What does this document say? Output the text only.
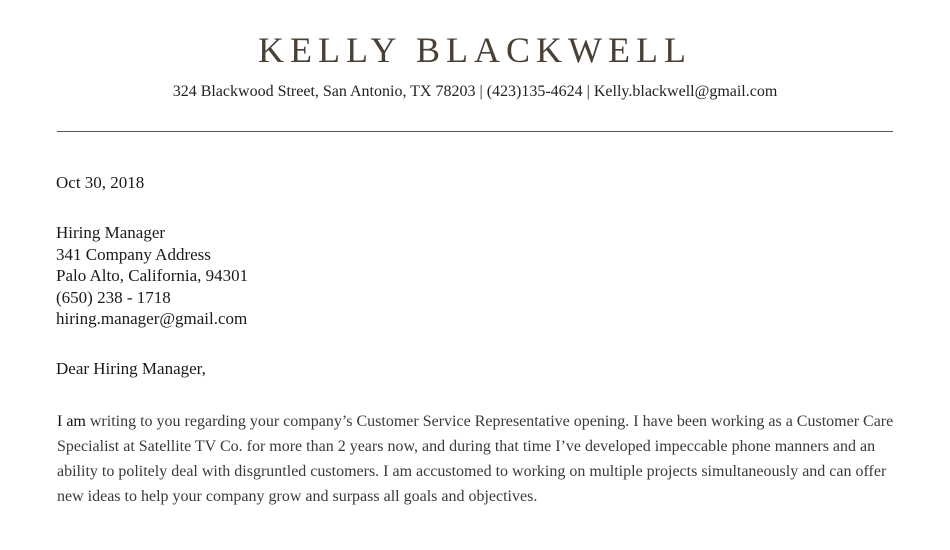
KELLY BLACKWELL
324 Blackwood Street, San Antonio, TX 78203 | (423)135-4624 | Kelly.blackwell@gmail.com
Oct 30, 2018
Hiring Manager
341 Company Address
Palo Alto, California, 94301
(650) 238 - 1718
hiring.manager@gmail.com
Dear Hiring Manager,
I am writing to you regarding your company’s Customer Service Representative opening. I have been working as a Customer Care Specialist at Satellite TV Co. for more than 2 years now, and during that time I’ve developed impeccable phone manners and an ability to politely deal with disgruntled customers. I am accustomed to working on multiple projects simultaneously and can offer new ideas to help your company grow and surpass all goals and objectives.
